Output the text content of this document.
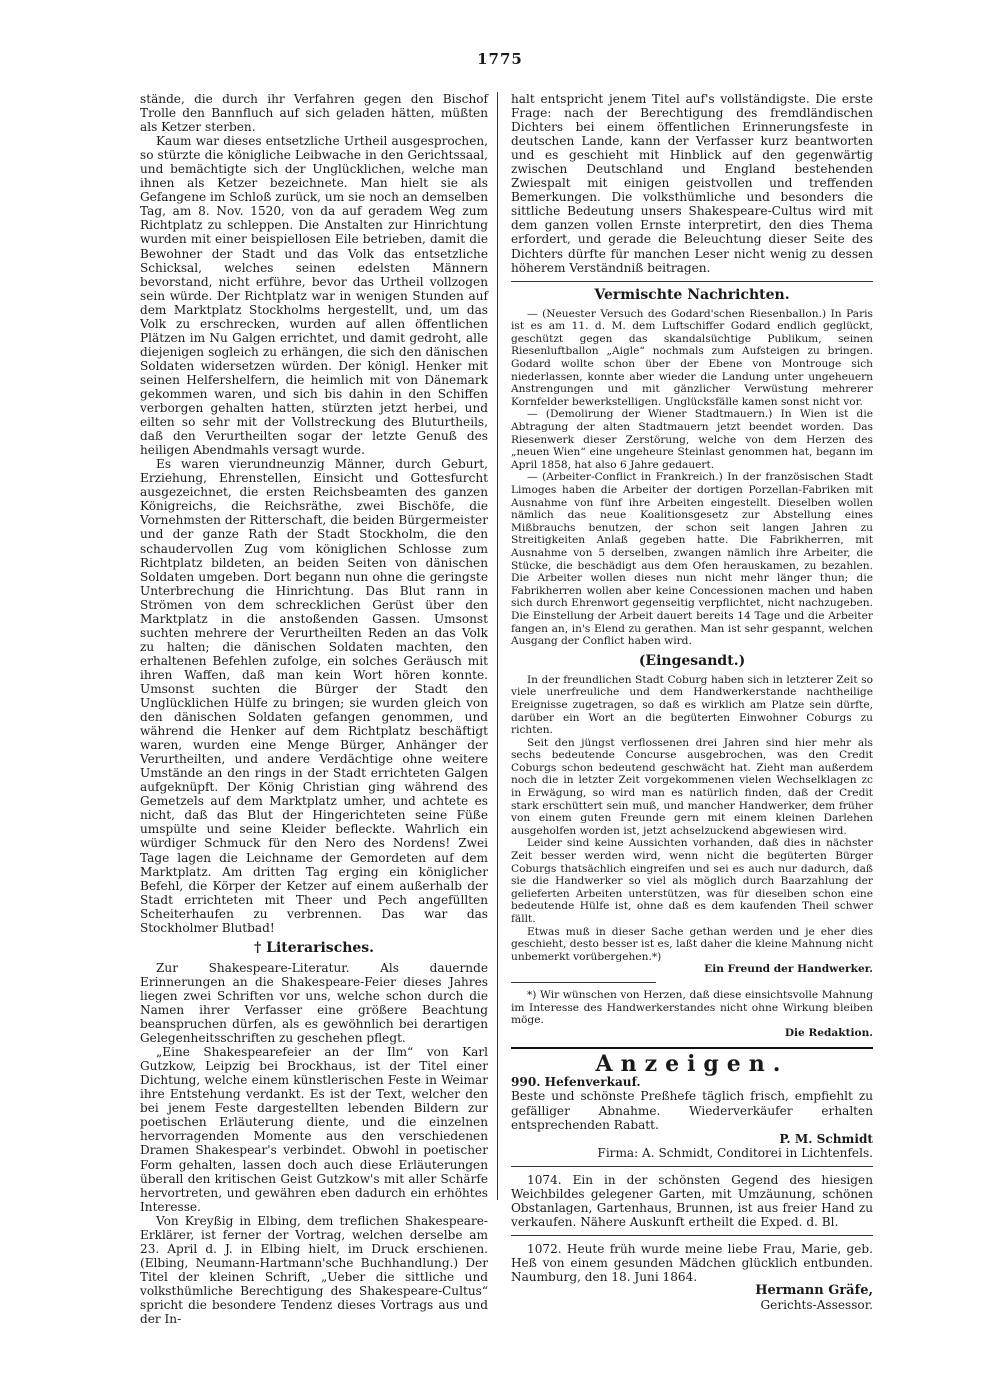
1775

stände, die durch ihr Verfahren gegen den Bischof Trolle den Bannfluch auf sich geladen hätten, müßten als Ketzer sterben.

Kaum war dieses entsetzliche Urtheil ausgesprochen, so stürzte die königliche Leibwache in den Gerichtssaal, und bemächtigte sich der Unglücklichen, welche man ihnen als Ketzer bezeichnete. Man hielt sie als Gefangene im Schloß zurück, um sie noch an demselben Tag, am 8. Nov. 1520, von da auf geradem Weg zum Richtplatz zu schleppen. Die Anstalten zur Hinrichtung wurden mit einer beispiellosen Eile betrieben, damit die Bewohner der Stadt und das Volk das entsetzliche Schicksal, welches seinen edelsten Männern bevorstand, nicht erführe, bevor das Urtheil vollzogen sein würde. Der Richtplatz war in wenigen Stunden auf dem Marktplatz Stockholms hergestellt, und, um das Volk zu erschrecken, wurden auf allen öffentlichen Plätzen im Nu Galgen errichtet, und damit gedroht, alle diejenigen sogleich zu erhängen, die sich den dänischen Soldaten widersetzen würden. Der königl. Henker mit seinen Helfershelfern, die heimlich mit von Dänemark gekommen waren, und sich bis dahin in den Schiffen verborgen gehalten hatten, stürzten jetzt herbei, und eilten so sehr mit der Vollstreckung des Bluturtheils, daß den Verurtheilten sogar der letzte Genuß des heiligen Abendmahls versagt wurde.

Es waren vierundneunzig Männer, durch Geburt, Erziehung, Ehrenstellen, Einsicht und Gottesfurcht ausgezeichnet, die ersten Reichsbeamten des ganzen Königreichs, die Reichsräthe, zwei Bischöfe, die Vornehmsten der Ritterschaft, die beiden Bürgermeister und der ganze Rath der Stadt Stockholm, die den schaudervollen Zug vom königlichen Schlosse zum Richtplatz bildeten, an beiden Seiten von dänischen Soldaten umgeben. Dort begann nun ohne die geringste Unterbrechung die Hinrichtung. Das Blut rann in Strömen von dem schrecklichen Gerüst über den Marktplatz in die anstoßenden Gassen. Umsonst suchten mehrere der Verurtheilten Reden an das Volk zu halten; die dänischen Soldaten machten, den erhaltenen Befehlen zufolge, ein solches Geräusch mit ihren Waffen, daß man kein Wort hören konnte. Umsonst suchten die Bürger der Stadt den Unglücklichen Hülfe zu bringen; sie wurden gleich von den dänischen Soldaten gefangen genommen, und während die Henker auf dem Richtplatz beschäftigt waren, wurden eine Menge Bürger, Anhänger der Verurtheilten, und andere Verdächtige ohne weitere Umstände an den rings in der Stadt errichteten Galgen aufgeknüpft. Der König Christian ging während des Gemetzels auf dem Marktplatz umher, und achtete es nicht, daß das Blut der Hingerichteten seine Füße umspülte und seine Kleider befleckte. Wahrlich ein würdiger Schmuck für den Nero des Nordens! Zwei Tage lagen die Leichname der Gemordeten auf dem Marktplatz. Am dritten Tag erging ein königlicher Befehl, die Körper der Ketzer auf einem außerhalb der Stadt errichteten mit Theer und Pech angefüllten Scheiterhaufen zu verbrennen. Das war das Stockholmer Blutbad!

† Literarisches.

Zur Shakespeare-Literatur. Als dauernde Erinnerungen an die Shakespeare-Feier dieses Jahres liegen zwei Schriften vor uns, welche schon durch die Namen ihrer Verfasser eine größere Beachtung beanspruchen dürfen, als es gewöhnlich bei derartigen Gelegenheitsschriften zu geschehen pflegt.

„Eine Shakespearefeier an der Ilm“ von Karl Gutzkow, Leipzig bei Brockhaus, ist der Titel einer Dichtung, welche einem künstlerischen Feste in Weimar ihre Entstehung verdankt. Es ist der Text, welcher den bei jenem Feste dargestellten lebenden Bildern zur poetischen Erläuterung diente, und die einzelnen hervorragenden Momente aus den verschiedenen Dramen Shakespear's verbindet. Obwohl in poetischer Form gehalten, lassen doch auch diese Erläuterungen überall den kritischen Geist Gutzkow's mit aller Schärfe hervortreten, und gewähren eben dadurch ein erhöhtes Interesse.

Von Kreyßig in Elbing, dem treflichen Shakespeare-Erklärer, ist ferner der Vortrag, welchen derselbe am 23. April d. J. in Elbing hielt, im Druck erschienen. (Elbing, Neumann-Hartmann'sche Buchhandlung.) Der Titel der kleinen Schrift, „Ueber die sittliche und volksthümliche Berechtigung des Shakespeare-Cultus“ spricht die besondere Tendenz dieses Vortrags aus und der In-

halt entspricht jenem Titel auf's vollständigste. Die erste Frage: nach der Berechtigung des fremdländischen Dichters bei einem öffentlichen Erinnerungsfeste in deutschen Lande, kann der Verfasser kurz beantworten und es geschieht mit Hinblick auf den gegenwärtig zwischen Deutschland und England bestehenden Zwiespalt mit einigen geistvollen und treffenden Bemerkungen. Die volksthümliche und besonders die sittliche Bedeutung unsers Shakespeare-Cultus wird mit dem ganzen vollen Ernste interpretirt, den dies Thema erfordert, und gerade die Beleuchtung dieser Seite des Dichters dürfte für manchen Leser nicht wenig zu dessen höherem Verständniß beitragen.

Vermischte Nachrichten.

— (Neuester Versuch des Godard'schen Riesenballon.) In Paris ist es am 11. d. M. dem Luftschiffer Godard endlich geglückt, geschützt gegen das skandalsüchtige Publikum, seinen Riesenluftballon „Aigle“ nochmals zum Aufsteigen zu bringen. Godard wollte schon über der Ebene von Montrouge sich niederlassen, konnte aber wieder die Landung unter ungeheuern Anstrengungen und mit gänzlicher Verwüstung mehrerer Kornfelder bewerkstelligen. Unglücksfälle kamen sonst nicht vor.

— (Demolirung der Wiener Stadtmauern.) In Wien ist die Abtragung der alten Stadtmauern jetzt beendet worden. Das Riesenwerk dieser Zerstörung, welche von dem Herzen des „neuen Wien“ eine ungeheure Steinlast genommen hat, begann im April 1858, hat also 6 Jahre gedauert.

— (Arbeiter-Conflict in Frankreich.) In der französischen Stadt Limoges haben die Arbeiter der dortigen Porzellan-Fabriken mit Ausnahme von fünf ihre Arbeiten eingestellt. Dieselben wollen nämlich das neue Koalitionsgesetz zur Abstellung eines Mißbrauchs benutzen, der schon seit langen Jahren zu Streitigkeiten Anlaß gegeben hatte. Die Fabrikherren, mit Ausnahme von 5 derselben, zwangen nämlich ihre Arbeiter, die Stücke, die beschädigt aus dem Ofen herauskamen, zu bezahlen. Die Arbeiter wollen dieses nun nicht mehr länger thun; die Fabrikherren wollen aber keine Concessionen machen und haben sich durch Ehrenwort gegenseitig verpflichtet, nicht nachzugeben. Die Einstellung der Arbeit dauert bereits 14 Tage und die Arbeiter fangen an, in's Elend zu gerathen. Man ist sehr gespannt, welchen Ausgang der Conflict haben wird.

(Eingesandt.)

In der freundlichen Stadt Coburg haben sich in letzterer Zeit so viele unerfreuliche und dem Handwerkerstande nachtheilige Ereignisse zugetragen, so daß es wirklich am Platze sein dürfte, darüber ein Wort an die begüterten Einwohner Coburgs zu richten.

Seit den jüngst verflossenen drei Jahren sind hier mehr als sechs bedeutende Concurse ausgebrochen, was den Credit Coburgs schon bedeutend geschwächt hat. Zieht man außerdem noch die in letzter Zeit vorgekommenen vielen Wechselklagen zc in Erwägung, so wird man es natürlich finden, daß der Credit stark erschüttert sein muß, und mancher Handwerker, dem früher von einem guten Freunde gern mit einem kleinen Darlehen ausgeholfen worden ist, jetzt achselzuckend abgewiesen wird.

Leider sind keine Aussichten vorhanden, daß dies in nächster Zeit besser werden wird, wenn nicht die begüterten Bürger Coburgs thatsächlich eingreifen und sei es auch nur dadurch, daß sie die Handwerker so viel als möglich durch Baarzahlung der gelieferten Arbeiten unterstützen, was für dieselben schon eine bedeutende Hülfe ist, ohne daß es dem kaufenden Theil schwer fällt.

Etwas muß in dieser Sache gethan werden und je eher dies geschieht, desto besser ist es, laßt daher die kleine Mahnung nicht unbemerkt vorübergehen.*)

Ein Freund der Handwerker.

*) Wir wünschen von Herzen, daß diese einsichtsvolle Mahnung im Interesse des Handwerkerstandes nicht ohne Wirkung bleiben möge.

Die Redaktion.

Anzeigen.

990. Hefenverkauf.

Beste und schönste Preßhefe täglich frisch, empfiehlt zu gefälliger Abnahme. Wiederverkäufer erhalten entsprechenden Rabatt.

P. M. Schmidt

Firma: A. Schmidt, Conditorei in Lichtenfels.

1074. Ein in der schönsten Gegend des hiesigen Weichbildes gelegener Garten, mit Umzäunung, schönen Obstanlagen, Gartenhaus, Brunnen, ist aus freier Hand zu verkaufen. Nähere Auskunft ertheilt die Exped. d. Bl.

1072. Heute früh wurde meine liebe Frau, Marie, geb. Heß von einem gesunden Mädchen glücklich entbunden. Naumburg, den 18. Juni 1864.

Hermann Gräfe,

Gerichts-Assessor.
